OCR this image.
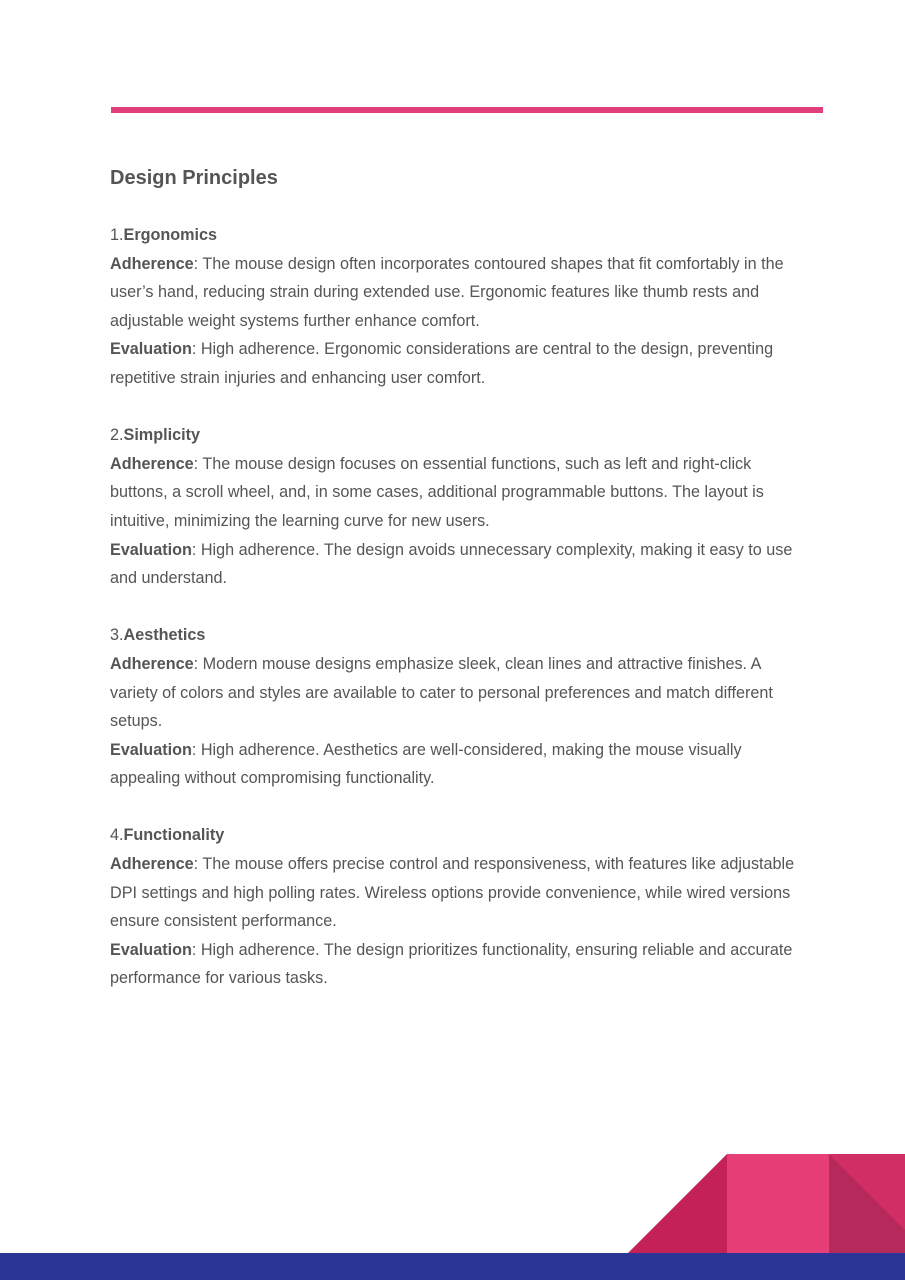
Design Principles

1.Ergonomics

Adherence: The mouse design often incorporates contoured shapes that fit comfortably in the user’s hand, reducing strain during extended use. Ergonomic features like thumb rests and adjustable weight systems further enhance comfort.

Evaluation: High adherence. Ergonomic considerations are central to the design, preventing repetitive strain injuries and enhancing user comfort.

2.Simplicity

Adherence: The mouse design focuses on essential functions, such as left and right-click buttons, a scroll wheel, and, in some cases, additional programmable buttons. The layout is intuitive, minimizing the learning curve for new users.

Evaluation: High adherence. The design avoids unnecessary complexity, making it easy to use and understand.

3.Aesthetics

Adherence: Modern mouse designs emphasize sleek, clean lines and attractive finishes. A variety of colors and styles are available to cater to personal preferences and match different setups.

Evaluation: High adherence. Aesthetics are well-considered, making the mouse visually appealing without compromising functionality.

4.Functionality

Adherence: The mouse offers precise control and responsiveness, with features like adjustable DPI settings and high polling rates. Wireless options provide convenience, while wired versions ensure consistent performance.

Evaluation: High adherence. The design prioritizes functionality, ensuring reliable and accurate performance for various tasks.
